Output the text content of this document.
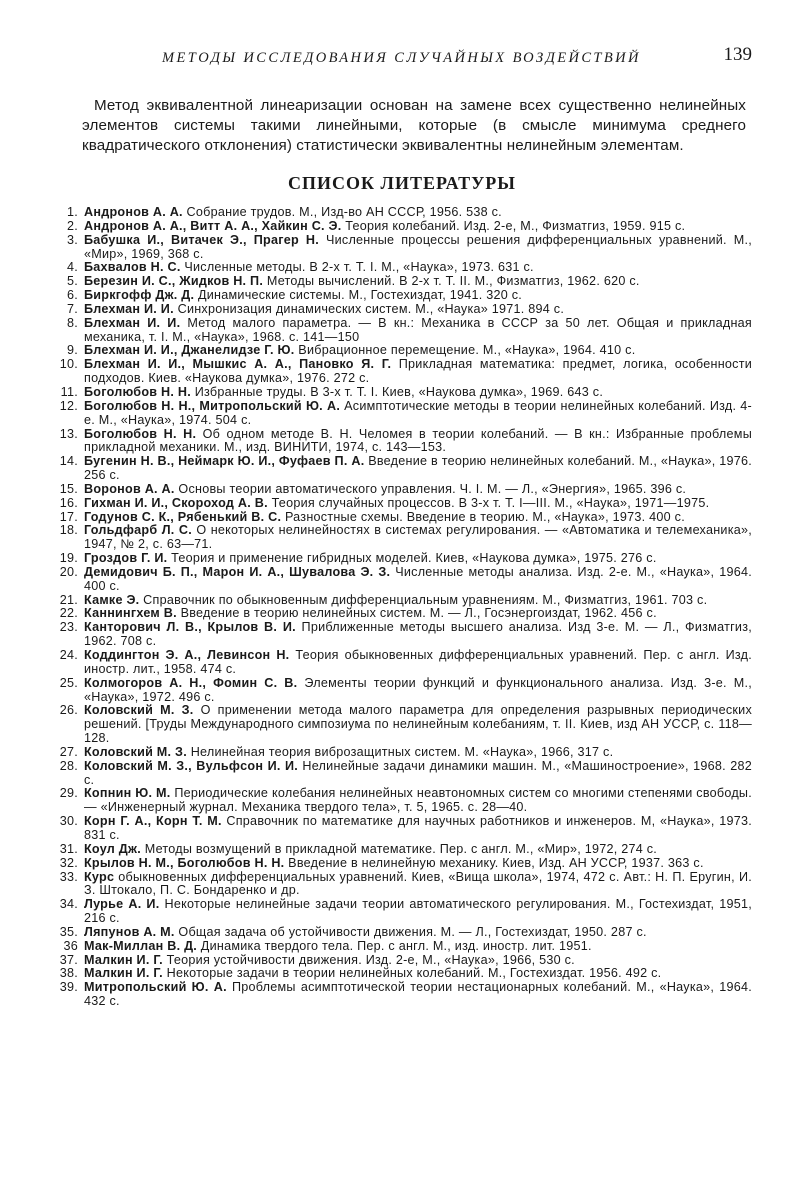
МЕТОДЫ ИССЛЕДОВАНИЯ СЛУЧАЙНЫХ ВОЗДЕЙСТВИЙ	139

Метод эквивалентной линеаризации основан на замене всех существенно нелинейных элементов системы такими линейными, которые (в смысле минимума среднего квадратического отклонения) статистически эквивалентны нелинейным элементам.

СПИСОК ЛИТЕРАТУРЫ
1. Андронов А. А. Собрание трудов. М., Изд-во АН СССР, 1956. 538 с.
2. Андронов А. А., Витт А. А., Хайкин С. Э. Теория колебаний. Изд. 2-е, М., Физматгиз, 1959. 915 с.
3. Бабушка И., Витачек Э., Прагер Н. Численные процессы решения дифференциальных уравнений. М., «Мир», 1969, 368 с.
4. Бахвалов Н. С. Численные методы. В 2-х т. Т. I. М., «Наука», 1973. 631 с.
5. Березин И. С., Жидков Н. П. Методы вычислений. В 2-х т. Т. II. М., Физматгиз, 1962. 620 с.
6. Биркгофф Дж. Д. Динамические системы. М., Гостехиздат, 1941. 320 с.
7. Блехман И. И. Синхронизация динамических систем. М., «Наука» 1971. 894 с.
8. Блехман И. И. Метод малого параметра. — В кн.: Механика в СССР за 50 лет. Общая и прикладная механика, т. I. М., «Наука», 1968. с. 141—150
9. Блехман И. И., Джанелидзе Г. Ю. Вибрационное перемещение. М., «Наука», 1964. 410 с.
10. Блехман И. И., Мышкис А. А., Пановко Я. Г. Прикладная математика: предмет, логика, особенности подходов. Киев. «Наукова думка», 1976. 272 с.
11. Боголюбов Н. Н. Избранные труды. В 3-х т. Т. I. Киев, «Наукова думка», 1969. 643 с.
12. Боголюбов Н. Н., Митропольский Ю. А. Асимптотические методы в теории нелинейных колебаний. Изд. 4-е. М., «Наука», 1974. 504 с.
13. Боголюбов Н. Н. Об одном методе В. Н. Челомея в теории колебаний. — В кн.: Избранные проблемы прикладной механики. М., изд. ВИНИТИ, 1974, с. 143—153.
14. Бугенин Н. В., Неймарк Ю. И., Фуфаев П. А. Введение в теорию нелинейных колебаний. М., «Наука», 1976. 256 с.
15. Воронов А. А. Основы теории автоматического управления. Ч. I. М. — Л., «Энергия», 1965. 396 с.
16. Гихман И. И., Скороход А. В. Теория случайных процессов. В 3-х т. Т. I—III. М., «Наука», 1971—1975.
17. Годунов С. К., Рябенький В. С. Разностные схемы. Введение в теорию. М., «Наука», 1973. 400 с.
18. Гольдфарб Л. С. О некоторых нелинейностях в системах регулирования. — «Автоматика и телемеханика», 1947, № 2, с. 63—71.
19. Гроздов Г. И. Теория и применение гибридных моделей. Киев, «Наукова думка», 1975. 276 с.
20. Демидович Б. П., Марон И. А., Шувалова Э. З. Численные методы анализа. Изд. 2-е. М., «Наука», 1964. 400 с.
21. Камке Э. Справочник по обыкновенным дифференциальным уравнениям. М., Физматгиз, 1961. 703 с.
22. Каннингхем В. Введение в теорию нелинейных систем. М. — Л., Госэнергоиздат, 1962. 456 с.
23. Канторович Л. В., Крылов В. И. Приближенные методы высшего анализа. Изд 3-е. М. — Л., Физматгиз, 1962. 708 с.
24. Коддингтон Э. А., Левинсон Н. Теория обыкновенных дифференциальных уравнений. Пер. с англ. Изд. иностр. лит., 1958. 474 с.
25. Колмогоров А. Н., Фомин С. В. Элементы теории функций и функционального анализа. Изд. 3-е. М., «Наука», 1972. 496 с.
26. Коловский М. З. О применении метода малого параметра для определения разрывных периодических решений. [Труды Международного симпозиума по нелинейным колебаниям, т. II. Киев, изд АН УССР, с. 118—128.
27. Коловский М. З. Нелинейная теория виброзащитных систем. М. «Наука», 1966, 317 с.
28. Коловский М. З., Вульфсон И. И. Нелинейные задачи динамики машин. М., «Машиностроение», 1968. 282 с.
29. Копнин Ю. М. Периодические колебания нелинейных неавтономных систем со многими степенями свободы. — «Инженерный журнал. Механика твердого тела», т. 5, 1965. с. 28—40.
30. Корн Г. А., Корн Т. М. Справочник по математике для научных работников и инженеров. М, «Наука», 1973. 831 с.
31. Коул Дж. Методы возмущений в прикладной математике. Пер. с англ. М., «Мир», 1972, 274 с.
32. Крылов Н. М., Боголюбов Н. Н. Введение в нелинейную механику. Киев, Изд. АН УССР, 1937. 363 с.
33. Курс обыкновенных дифференциальных уравнений. Киев, «Вища школа», 1974, 472 с. Авт.: Н. П. Еругин, И. З. Штокало, П. С. Бондаренко и др.
34. Лурье А. И. Некоторые нелинейные задачи теории автоматического регулирования. М., Гостехиздат, 1951, 216 с.
35. Ляпунов А. М. Общая задача об устойчивости движения. М. — Л., Гостехиздат, 1950. 287 с.
36 Мак-Миллан В. Д. Динамика твердого тела. Пер. с англ. М., изд. иностр. лит. 1951.
37. Малкин И. Г. Теория устойчивости движения. Изд. 2-е, М., «Наука», 1966, 530 с.
38. Малкин И. Г. Некоторые задачи в теории нелинейных колебаний. М., Гостехиздат. 1956. 492 с.
39. Митропольский Ю. А. Проблемы асимптотической теории нестационарных колебаний. М., «Наука», 1964. 432 с.
